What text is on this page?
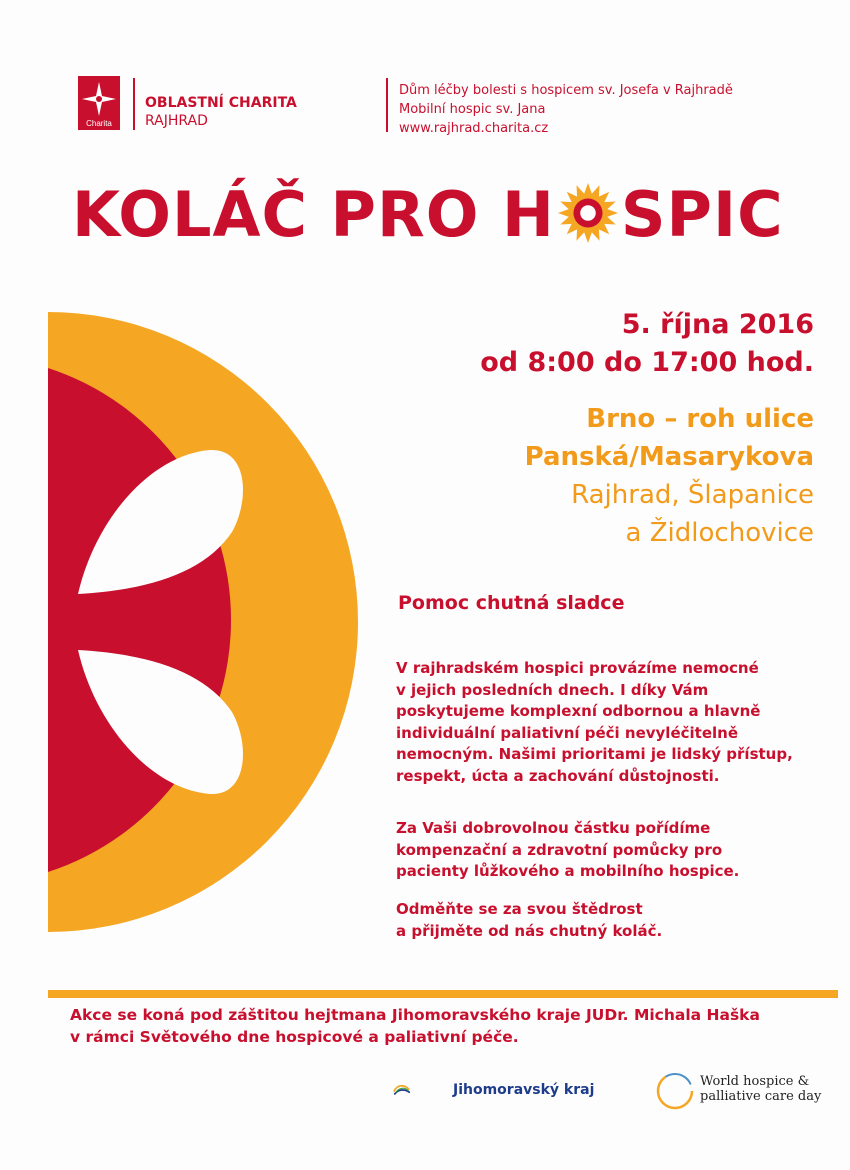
Charita
OBLASTNÍ CHARITA
RAJHRAD
Dům léčby bolesti s hospicem sv. Josefa v Rajhradě
Mobilní hospic sv. Jana
www.rajhrad.charita.cz
KOLÁČ PRO H SPIC
5. října 2016
od 8:00 do 17:00 hod.
Brno – roh ulice
Panská/Masarykova
Rajhrad, Šlapanice
a Židlochovice
Pomoc chutná sladce
V rajhradském hospici provázíme nemocné
v jejich posledních dnech. I díky Vám
poskytujeme komplexní odbornou a hlavně
individuální paliativní péči nevyléčitelně
nemocným. Našimi prioritami je lidský přístup,
respekt, úcta a zachování důstojnosti.
Za Vaši dobrovolnou částku pořídíme
kompenzační a zdravotní pomůcky pro
pacienty lůžkového a mobilního hospice.
Odměňte se za svou štědrost
a přijměte od nás chutný koláč.
Akce se koná pod záštitou hejtmana Jihomoravského kraje JUDr. Michala Haška
v rámci Světového dne hospicové a paliativní péče.
Jihomoravský kraj
World hospice &
palliative care day
